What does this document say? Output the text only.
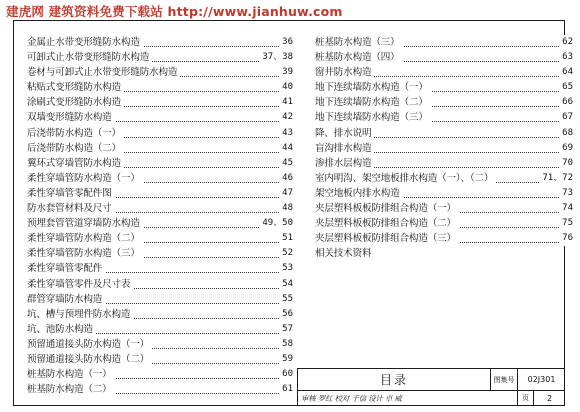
建虎网 建筑资料免费下载站 http://www.jianhuw.com
金属止水带变形缝防水构造	36
可卸式止水带变形缝防水构造	37、38
卷材与可卸式止水带变形缝防水构造	39
粘贴式变形缝防水构造	40
涂刷式变形缝防水构造	41
双墙变形缝防水构造	42
后浇带防水构造（一）	43
后浇带防水构造（二）	44
翼环式穿墙管防水构造	45
柔性穿墙管防水构造（一）	46
柔性穿墙管零配件图	47
防水套管材料及尺寸	48
预埋套管管道穿墙防水构造	49、50
柔性穿墙管防水构造（二）	51
柔性穿墙管防水构造（三）	52
柔性穿墙管零配件	53
柔性穿墙管零件及尺寸表	54
群管穿墙防水构造	55
坑、槽与预埋件防水构造	56
坑、池防水构造	57
预留通道接头防水构造（一）	58
预留通道接头防水构造（二）	59
桩基防水构造（一）	60
桩基防水构造（二）	61
桩基防水构造（三）	62
桩基防水构造（四）	63
窗井防水构造	64
地下连续墙防水构造（一）	65
地下连续墙防水构造（二）	66
地下连续墙防水构造（三）	67
降、排水说明	68
盲沟排水构造	69
渗排水层构造	70
室内明沟、架空地板排水构造（一）、（二）	71、72
架空地板内排水构造	73
夹层塑料板板防排组合构造（一）	74
夹层塑料板板防排组合构造（二）	75
夹层塑料板板防排组合构造（三）	76
相关技术资料
目录	图集号	02J301
审核 罗红 校对 于信 设计 卓 威	页	2
